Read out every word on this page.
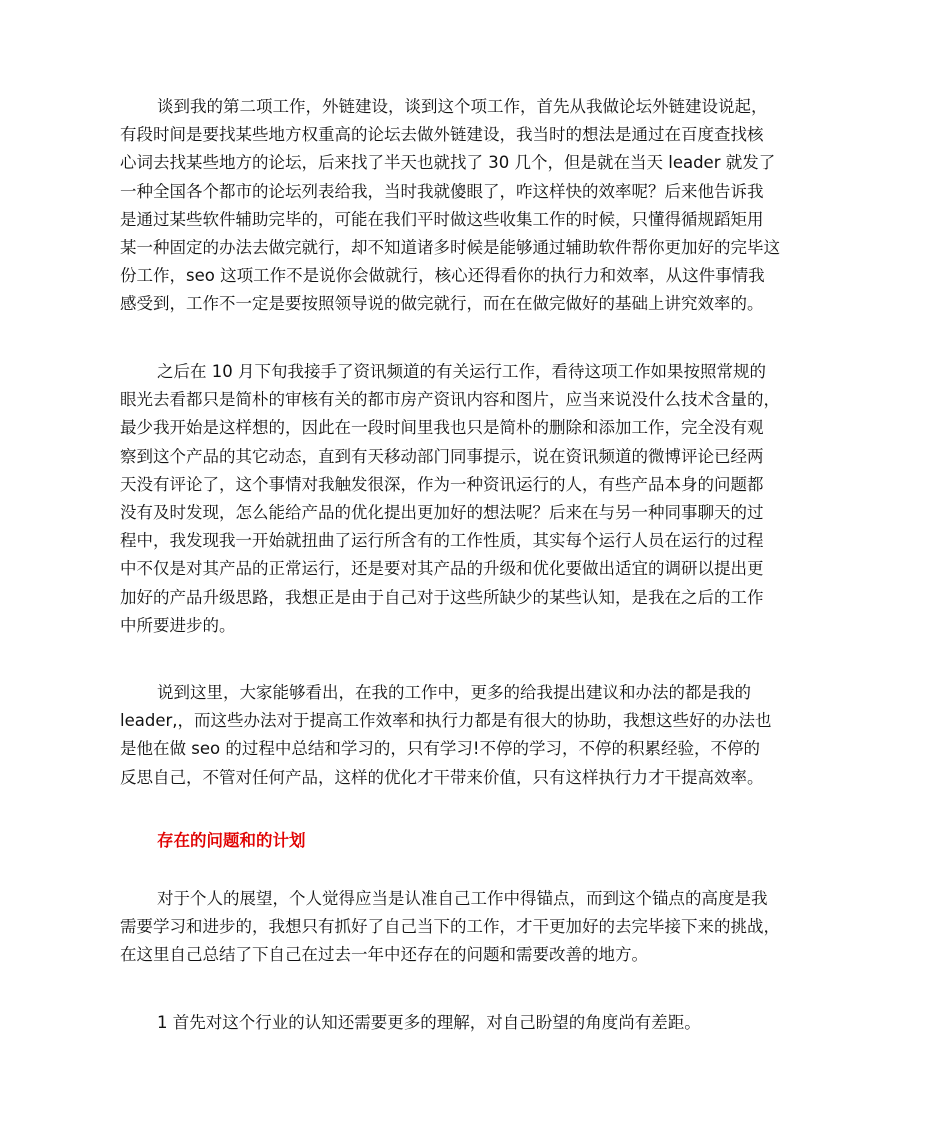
谈到我的第二项工作，外链建设，谈到这个项工作，首先从我做论坛外链建设说起，
有段时间是要找某些地方权重高的论坛去做外链建设，我当时的想法是通过在百度查找核
心词去找某些地方的论坛，后来找了半天也就找了 30 几个，但是就在当天 leader 就发了
一种全国各个都市的论坛列表给我，当时我就傻眼了，咋这样快的效率呢？后来他告诉我
是通过某些软件辅助完毕的，可能在我们平时做这些收集工作的时候，只懂得循规蹈矩用
某一种固定的办法去做完就行，却不知道诸多时候是能够通过辅助软件帮你更加好的完毕这
份工作，seo 这项工作不是说你会做就行，核心还得看你的执行力和效率，从这件事情我
感受到，工作不一定是要按照领导说的做完就行，而在在做完做好的基础上讲究效率的。
之后在 10 月下旬我接手了资讯频道的有关运行工作，看待这项工作如果按照常规的
眼光去看都只是简朴的审核有关的都市房产资讯内容和图片，应当来说没什么技术含量的，
最少我开始是这样想的，因此在一段时间里我也只是简朴的删除和添加工作，完全没有观
察到这个产品的其它动态，直到有天移动部门同事提示，说在资讯频道的微博评论已经两
天没有评论了，这个事情对我触发很深，作为一种资讯运行的人，有些产品本身的问题都
没有及时发现，怎么能给产品的优化提出更加好的想法呢？后来在与另一种同事聊天的过
程中，我发现我一开始就扭曲了运行所含有的工作性质，其实每个运行人员在运行的过程
中不仅是对其产品的正常运行，还是要对其产品的升级和优化要做出适宜的调研以提出更
加好的产品升级思路，我想正是由于自己对于这些所缺少的某些认知，是我在之后的工作
中所要进步的。
说到这里，大家能够看出，在我的工作中，更多的给我提出建议和办法的都是我的
leader,，而这些办法对于提高工作效率和执行力都是有很大的协助，我想这些好的办法也
是他在做 seo 的过程中总结和学习的，只有学习!不停的学习，不停的积累经验，不停的
反思自己，不管对任何产品，这样的优化才干带来价值，只有这样执行力才干提高效率。
存在的问题和的计划
对于个人的展望，个人觉得应当是认准自己工作中得锚点，而到这个锚点的高度是我
需要学习和进步的，我想只有抓好了自己当下的工作，才干更加好的去完毕接下来的挑战，
在这里自己总结了下自己在过去一年中还存在的问题和需要改善的地方。
1 首先对这个行业的认知还需要更多的理解，对自己盼望的角度尚有差距。
